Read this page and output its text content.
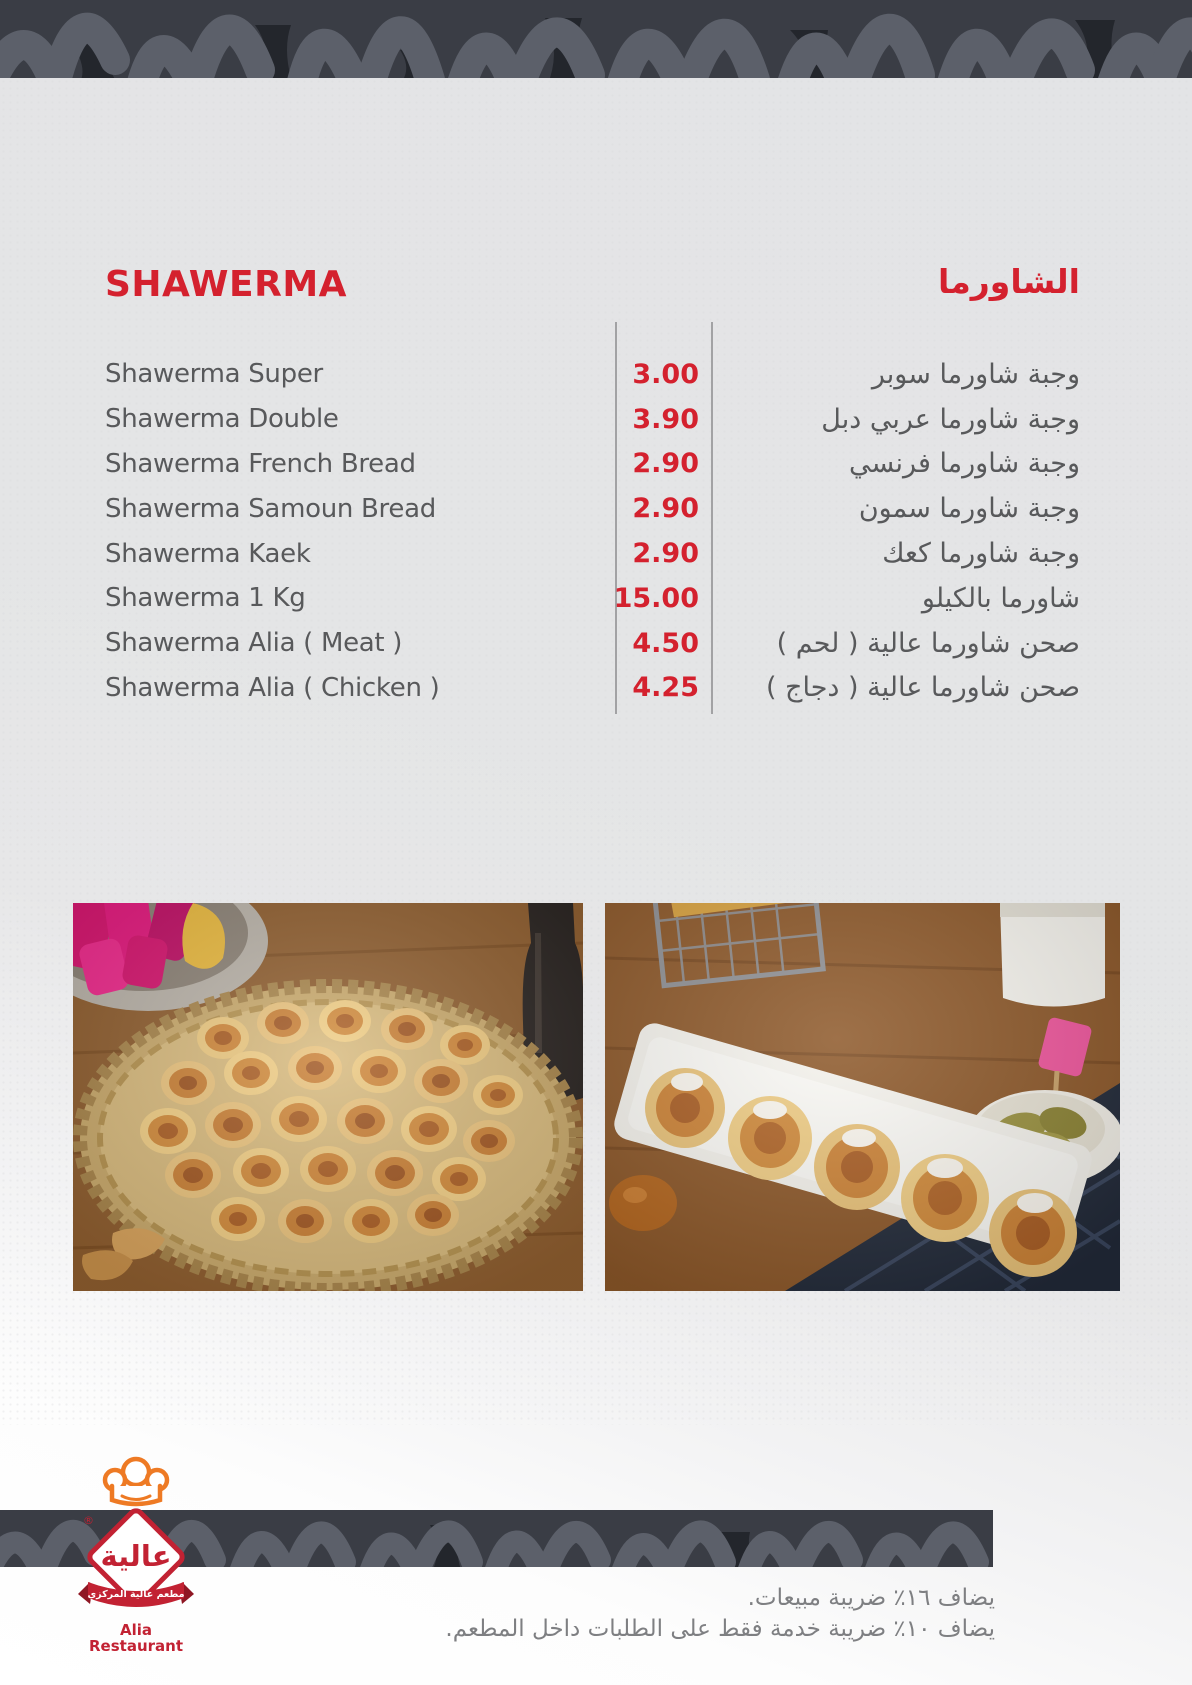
SHAWERMA	الشاورما
Shawerma Super	3.00	وجبة شاورما سوبر
Shawerma Double	3.90	وجبة شاورما عربي دبل
Shawerma French Bread	2.90	وجبة شاورما فرنسي
Shawerma Samoun Bread	2.90	وجبة شاورما سمون
Shawerma Kaek	2.90	وجبة شاورما كعك
Shawerma 1 Kg	15.00	شاورما بالكيلو
Shawerma Alia ( Meat )	4.50	صحن شاورما عالية ( لحم )
Shawerma Alia ( Chicken )	4.25 صحن شاورما عالية ( دجاج )
®
عالية
مطعم عالية المركزي
Alia
Restaurant
يضاف ١٦٪ ضريبة مبيعات.
يضاف ١٠٪ ضريبة خدمة فقط على الطلبات داخل المطعم.
